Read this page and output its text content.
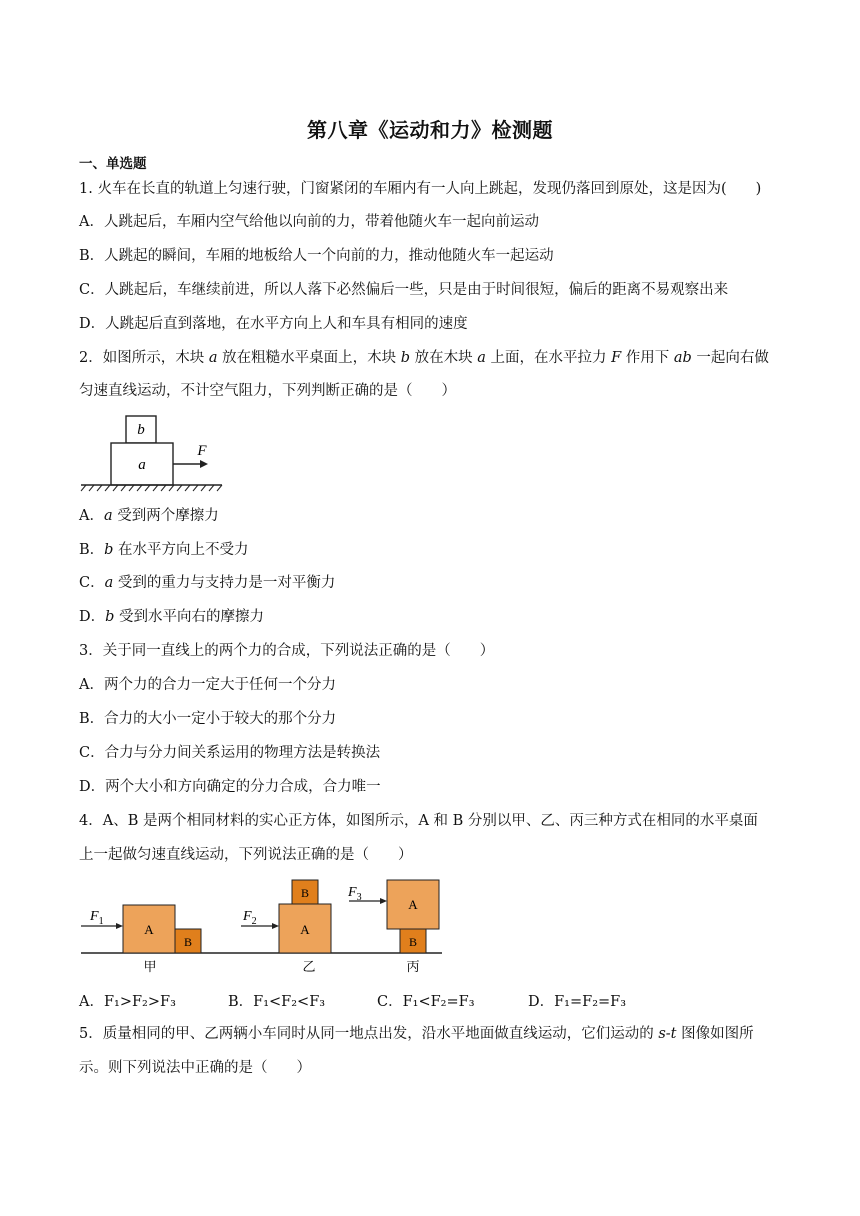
第八章《运动和力》检测题
一、单选题
1. 火车在长直的轨道上匀速行驶，门窗紧闭的车厢内有一人向上跳起，发现仍落回到原处，这是因为(　　)
A．人跳起后，车厢内空气给他以向前的力，带着他随火车一起向前运动
B．人跳起的瞬间，车厢的地板给人一个向前的力，推动他随火车一起运动
C．人跳起后，车继续前进，所以人落下必然偏后一些，只是由于时间很短，偏后的距离不易观察出来
D．人跳起后直到落地，在水平方向上人和车具有相同的速度
2．如图所示，木块 a 放在粗糙水平桌面上，木块 b 放在木块 a 上面，在水平拉力 F 作用下 ab 一起向右做
匀速直线运动，不计空气阻力，下列判断正确的是（　　）
b
a
F
A．a 受到两个摩擦力
B．b 在水平方向上不受力
C．a 受到的重力与支持力是一对平衡力
D．b 受到水平向右的摩擦力
3．关于同一直线上的两个力的合成，下列说法正确的是（　　）
A．两个力的合力一定大于任何一个分力
B．合力的大小一定小于较大的那个分力
C．合力与分力间关系运用的物理方法是转换法
D．两个大小和方向确定的分力合成，合力唯一
4．A、B 是两个相同材料的实心正方体，如图所示，A 和 B 分别以甲、乙、丙三种方式在相同的水平桌面
上一起做匀速直线运动，下列说法正确的是（　　）
$F_1$
A
B
甲
$F_2$
B
A
乙
$F_3$	A
B
丙
A．F₁>F₂>F₃	B．F₁<F₂<F₃	C．F₁<F₂=F₃	D．F₁=F₂=F₃
5．质量相同的甲、乙两辆小车同时从同一地点出发，沿水平地面做直线运动，它们运动的 s-t 图像如图所
示。则下列说法中正确的是（　　）
